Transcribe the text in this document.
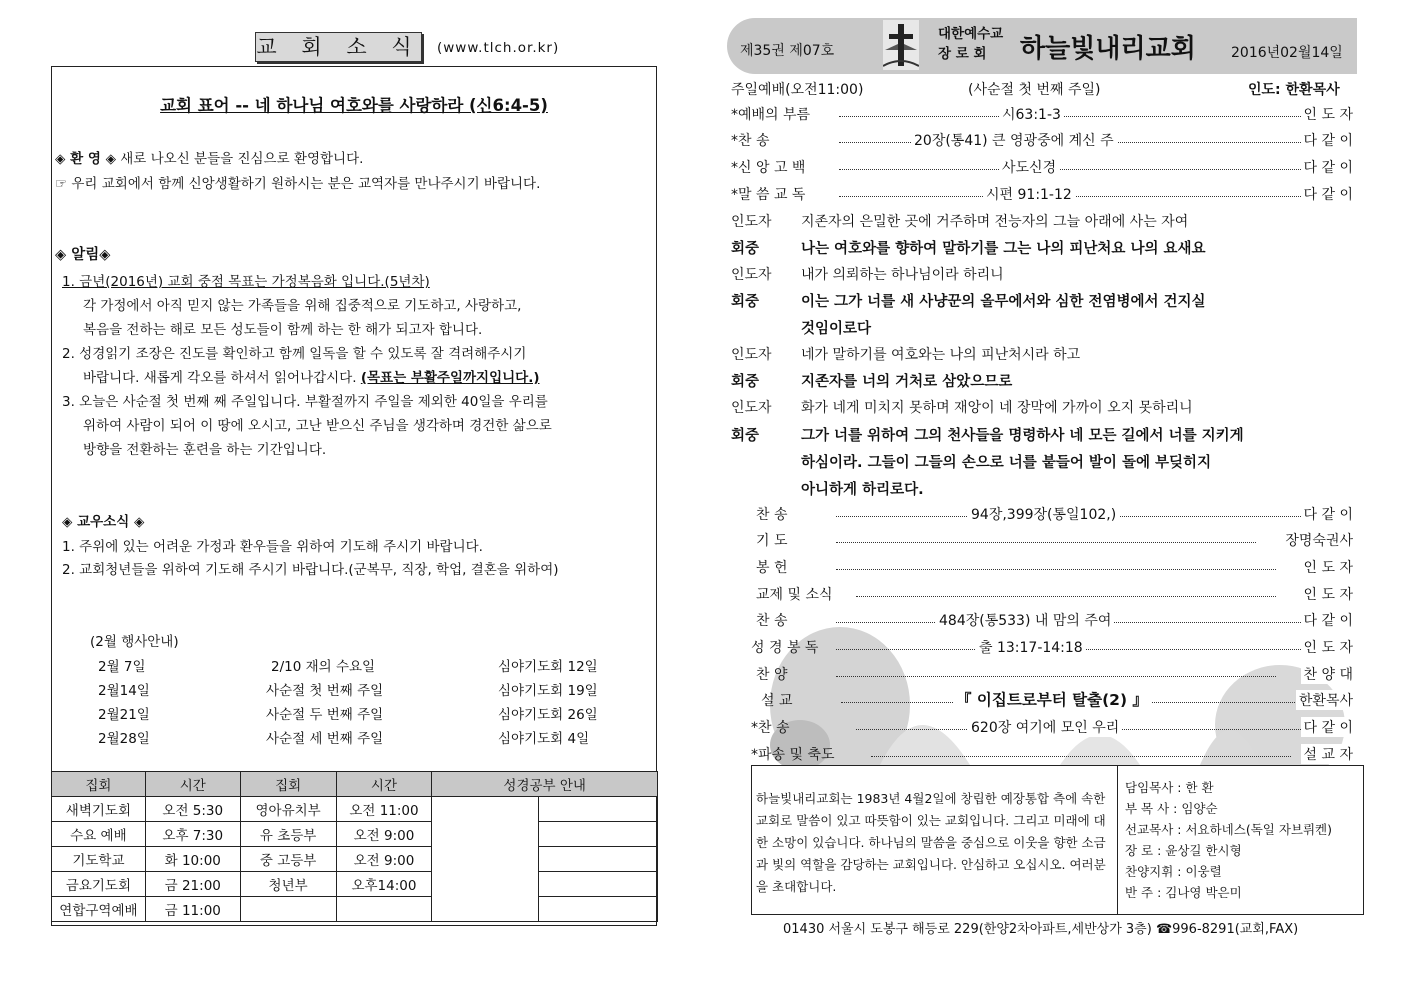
교 회 소 식 (www.tlch.or.kr)
교회 표어 -- 네 하나님 여호와를 사랑하라 (신6:4-5)
◈ 환 영 ◈ 새로 나오신 분들을 진심으로 환영합니다.
☞ 우리 교회에서 함께 신앙생활하기 원하시는 분은 교역자를 만나주시기 바랍니다.
◈ 알림◈
1. 금년(2016년) 교회 중점 목표는 가정복음화 입니다.(5년차)
각 가정에서 아직 믿지 않는 가족들을 위해 집중적으로 기도하고, 사랑하고,
복음을 전하는 해로 모든 성도들이 함께 하는 한 해가 되고자 합니다.
2. 성경읽기 조장은 진도를 확인하고 함께 일독을 할 수 있도록 잘 격려해주시기
바랍니다. 새롭게 각오를 하셔서 읽어나갑시다. (목표는 부활주일까지입니다.)
3. 오늘은 사순절 첫 번째 째 주일입니다. 부활절까지 주일을 제외한 40일을 우리를
위하여 사람이 되어 이 땅에 오시고, 고난 받으신 주님을 생각하며 경건한 삶으로
방향을 전환하는 훈련을 하는 기간입니다.
◈ 교우소식 ◈
1. 주위에 있는 어려운 가정과 환우들을 위하여 기도해 주시기 바랍니다.
2. 교회청년들을 위하여 기도해 주시기 바랍니다.(군복무, 직장, 학업, 결혼을 위하여)
(2월 행사안내)
2월 7일	2/10 재의 수요일	심야기도회 12일
2월14일	사순절 첫 번째 주일	심야기도회 19일
2월21일	사순절 두 번째 주일	심야기도회 26일
2월28일	사순절 세 번째 주일	심야기도회 4일
집회	시간	집회	시간	성경공부 안내	
새벽기도회	오전 5:30	영아유치부	오전 11:00		
수요 예배	오후 7:30	유 초등부	오전 9:00		
기도학교	화 10:00	중 고등부	오전 9:00		
금요기도회	금 21:00	청년부	오후14:00		
연합구역예배	금 11:00				
제35권 제07호
대한예수교
장 로 회	하늘빛내리교회	2016년02월14일
주일예배(오전11:00)	(사순절 첫 번째 주일)	인도: 한환목사
*예배의 부름	시63:1-3	인 도 자
*찬 송	20장(통41) 큰 영광중에 계신 주	다 같 이
*신 앙 고 백	사도신경	다 같 이
*말 씀 교 독	시편 91:1-12	다 같 이
인도자 지존자의 은밀한 곳에 거주하며 전능자의 그늘 아래에 사는 자여
회중	나는 여호와를 향하여 말하기를 그는 나의 피난처요 나의 요새요
인도자 내가 의뢰하는 하나님이라 하리니
회중	이는 그가 너를 새 사냥꾼의 올무에서와 심한 전염병에서 건지실
것임이로다
인도자 네가 말하기를 여호와는 나의 피난처시라 하고
회중	지존자를 너의 거처로 삼았으므로
인도자 화가 네게 미치지 못하며 재앙이 네 장막에 가까이 오지 못하리니
회중	그가 너를 위하여 그의 천사들을 명령하사 네 모든 길에서 너를 지키게
하심이라. 그들이 그들의 손으로 너를 붙들어 발이 돌에 부딪히지
아니하게 하리로다.
찬 송	94장,399장(통일102,)	다 같 이
기 도	장명숙권사
봉 헌	인 도 자
교제 및 소식	인 도 자
찬 송	484장(통533) 내 맘의 주여	다 같 이
성 경 봉 독	출 13:17-14:18	인 도 자
찬 양	찬 양 대
설 교	『 이집트로부터 탈출(2) 』	한환목사
*찬 송	620장 여기에 모인 우리	다 같 이
*파송 및 축도	설 교 자
하늘빛내리교회는 1983년 4월2일에 창립한 예장통합 측에 속한 교회로 말씀이 있고 따뜻함이 있는 교회입니다. 그리고 미래에 대한 소망이 있습니다. 하나님의 말씀을 중심으로 이웃을 향한 소금과 빛의 역할을 감당하는 교회입니다. 안심하고 오십시오. 여러분을 초대합니다.
담임목사 : 한 환
부 목 사 : 임양순
선교목사 : 서요하네스(독일 자브뤼켄)
장 로 : 윤상길 한시형
찬양지휘 : 이웅렬
반 주 : 김나영 박은미
01430 서울시 도봉구 해등로 229(한양2차아파트,세반상가 3층) ☎996-8291(교회,FAX)
